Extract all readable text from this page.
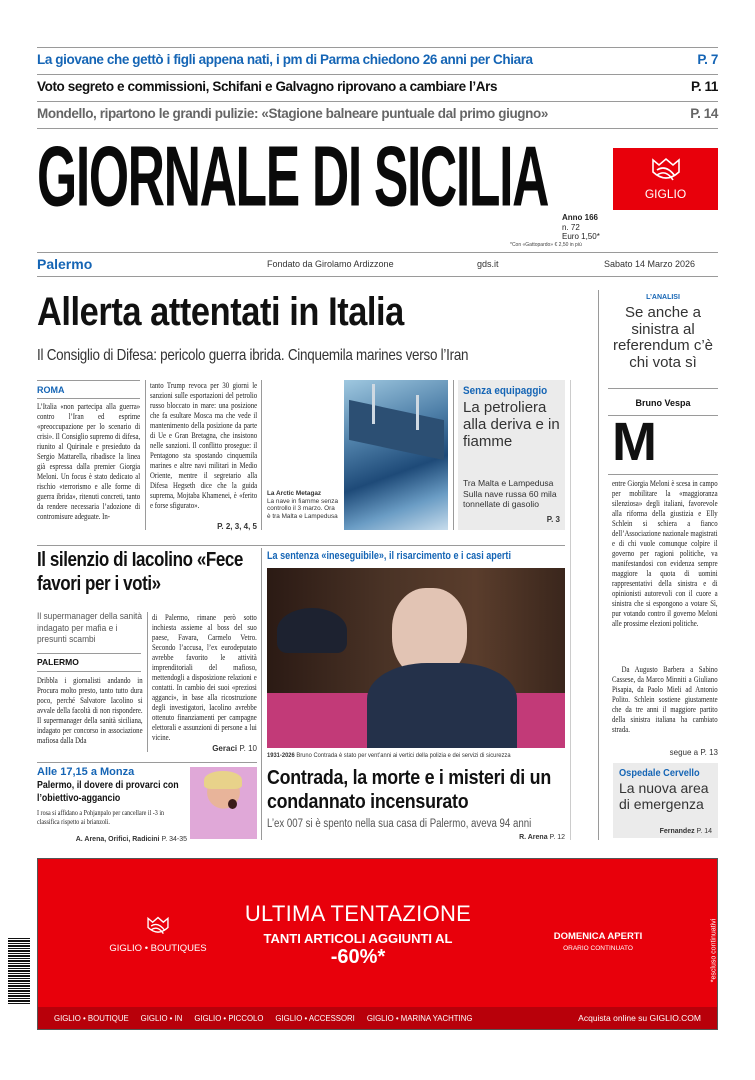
La giovane che gettò i figli appena nati, i pm di Parma chiedono 26 anni per Chiara	P. 7
Voto segreto e commissioni, Schifani e Galvagno riprovano a cambiare l’Ars	P. 11
Mondello, ripartono le grandi pulizie: «Stagione balneare puntuale dal primo giugno»	P. 14
GIORNALE DI SICILIA	GIGLIO
Anno 166
n. 72
Euro 1,50*
*Con «Gattopardo» € 2,50 in più
Palermo	Fondato da Girolamo Ardizzone	gds.it	Sabato 14 Marzo 2026
Allerta attentati in Italia
Il Consiglio di Difesa: pericolo guerra ibrida. Cinquemila marines verso l’Iran
ROMA
L’Italia «non partecipa alla guerra» contro l’Iran ed esprime «preoccupazione per lo scenario di crisi». Il Consiglio supremo di difesa, riunito al Quirinale e presieduto da Sergio Mattarella, ribadisce la linea già espressa dalla premier Giorgia Meloni. Un focus è stato dedicato al rischio «terrorismo e alle forme di guerra ibrida», ritenuti concreti, tanto da rendere necessaria l’adozione di contromisure adeguate. In-
tanto Trump revoca per 30 giorni le sanzioni sulle esportazioni del petrolio russo bloccato in mare: una posizione che fa esultare Mosca ma che vede il mantenimento della posizione da parte di Ue e Gran Bretagna, che insistono nelle sanzioni. Il conflitto prosegue: il Pentagono sta spostando cinquemila marines e altre navi militari in Medio Oriente, mentre il segretario alla Difesa Hegseth dice che la guida suprema, Mojtaba Khamenei, è «ferito e forse sfigurato».
P. 2, 3, 4, 5
La Arctic Metagaz
La nave in fiamme senza controllo il 3 marzo. Ora è tra Malta e Lampedusa
Senza equipaggio
La petroliera alla deriva e in fiamme
Tra Malta e Lampedusa Sulla nave russa 60 mila tonnellate di gasolio
P. 3
L’ANALISI
Se anche a sinistra al referendum c’è chi vota sì
Bruno Vespa
M
entre Giorgia Meloni è scesa in campo per mobilitare la «maggioranza silenziosa» degli italiani, favorevole alla riforma della giustizia e Elly Schlein si schiera a fianco dell’Associazione nazionale magistrati e di chi vuole comunque colpire il governo per ragioni politiche, va manifestandosi con evidenza sempre maggiore la quota di uomini rappresentativi della sinistra e di opinionisti autorevoli con il cuore a sinistra che si espongono a votare Sì, pur votando contro il governo Meloni alle prossime elezioni politiche.
Da Augusto Barbera a Sabino Cassese, da Marco Minniti a Giuliano Pisapia, da Paolo Mieli ad Antonio Polito. Schlein sostiene giustamente che da tre anni il maggiore partito della sinistra italiana ha cambiato strada.
segue a P. 13
Ospedale Cervello
La nuova area di emergenza
Fernandez P. 14
Il silenzio di Iacolino «Fece favori per i voti»
Il supermanager della sanità indagato per mafia e i presunti scambi
PALERMO
Dribbla i giornalisti andando in Procura molto presto, tanto tutto dura poco, perché Salvatore Iacolino si avvale della facoltà di non rispondere. Il supermanager della sanità siciliana, indagato per concorso in associazione mafiosa dalla Dda
di Palermo, rimane però sotto inchiesta assieme al boss del suo paese, Favara, Carmelo Vetro. Secondo l’accusa, l’ex eurodeputato avrebbe favorito le attività imprenditoriali del mafioso, mettendogli a disposizione relazioni e contatti. In cambio dei suoi «preziosi agganci», in base alla ricostruzione degli investigatori, Iacolino avrebbe ottenuto finanziamenti per campagne elettorali e assunzioni di persone a lui vicine.
Geraci P. 10
Alle 17,15 a Monza
Palermo, il dovere di provarci con l’obiettivo-aggancio
I rosa si affidano a Pohjanpalo per cancellare il -3 in classifica rispetto ai brianzoli.
A. Arena, Orifici, Radicini P. 34-35
La sentenza «ineseguibile», il risarcimento e i casi aperti
1931-2026 Bruno Contrada è stato per vent’anni ai vertici della polizia e dei servizi di sicurezza
Contrada, la morte e i misteri di un condannato incensurato
L’ex 007 si è spento nella sua casa di Palermo, aveva 94 anni
R. Arena P. 12
GIGLIO • BOUTIQUES
ULTIMA TENTAZIONE
TANTI ARTICOLI AGGIUNTI AL
-60%*
DOMENICA APERTI
ORARIO CONTINUATO	*escluso continuativi
GIGLIO • BOUTIQUE GIGLIO • IN GIGLIO • PICCOLO GIGLIO • ACCESSORI GIGLIO • MARINA YACHTING	Acquista online su GIGLIO.COM
